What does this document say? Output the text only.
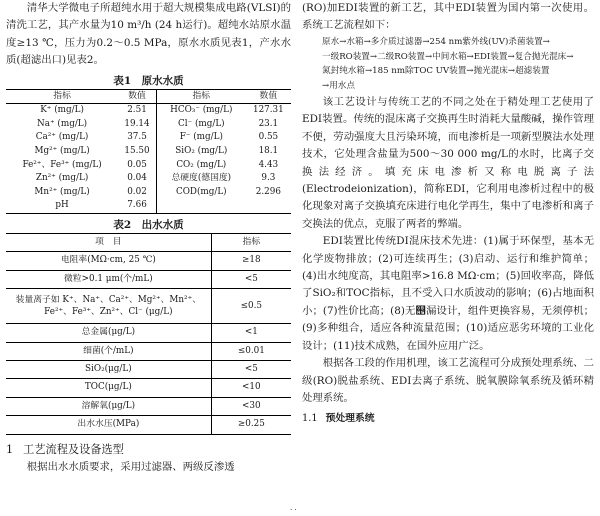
清华大学微电子所超纯水用于超大规模集成电路(VLSI)的清洗工艺，其产水量为10 m³/h (24 h运行)。超纯水站原水温度≥13 ℃，压力为0.2～0.5 MPa，原水水质见表1，产水水质(超滤出口)见表2。

表1　原水水质
指标	数值	指标	数值
K⁺ (mg/L)	2.51	HCO₃⁻ (mg/L)	127.31
Na⁺ (mg/L)	19.14	Cl⁻ (mg/L)	23.1
Ca²⁺ (mg/L)	37.5	F⁻ (mg/L)	0.55
Mg²⁺ (mg/L)	15.50	SiO₂ (mg/L)	18.1
Fe²⁺、Fe³⁺ (mg/L)	0.05	CO₂ (mg/L)	4.43
Zn²⁺ (mg/L)	0.04	总硬度(德国度)	9.3
Mn²⁺ (mg/L)	0.02	COD(mg/L)	2.296
pH	7.66		
表2　出水水质
项　目	指标
电阻率(MΩ·cm, 25 ℃)	≥18
微粒>0.1 μm(个/mL)	<5
装量离子如 K⁺、Na⁺、Ca²⁺、Mg²⁺、Mn²⁺、Fe²⁺、Fe³⁺、Zn²⁺、Cl⁻ (μg/L)	≤0.5
总金属(μg/L)	<1
细菌(个/mL)	≤0.01
SiO₂(μg/L)	<5
TOC(μg/L)	<10
溶解氧(μg/L)	<30
出水水压(MPa)	≥0.25
1 工艺流程及设备选型

根据出水水质要求，采用过滤器、两级反渗透

(RO)加EDI装置的新工艺，其中EDI装置为国内第一次使用。系统工艺流程如下：

原水→水箱→多介质过滤器→254 nm紫外线(UV)杀菌装置→
一级RO装置→二级RO装置→中间水箱→EDI装置→复合抛光混床→
氮封纯水箱→185 nm除TOC UV装置→抛光混床→超滤装置
→用水点

该工艺设计与传统工艺的不同之处在于精处理工艺使用了EDI装置。传统的混床离子交换再生时消耗大量酸碱，操作管理不便，劳动强度大且污染环境，而电渗析是一项新型膜法水处理技术，它处理含盐量为500～30 000 mg/L的水时，比离子交换法经济。填充床电渗析又称电脱离子法(Electrodeionization)，简称EDI，它利用电渗析过程中的极化现象对离子交换填充床进行电化学再生，集中了电渗析和离子交换法的优点，克服了两者的弊端。

EDI装置比传统DI混床技术先进：(1)属于环保型，基本无化学废物排放；(2)可连续再生；(3)启动、运行和维护简单；(4)出水纯度高，其电阻率>16.8 MΩ·cm；(5)回收率高，降低了SiO₂和TOC指标，且不受入口水质波动的影响；(6)占地面积小；(7)性价比高；(8)无஥漏设计，组件更换容易，无须停机；(9)多种组合，适应各种流量范围；(10)适应恶劣环境的工业化设计；(11)技术成熟，在国外应用广泛。

根据各工段的作用机理，该工艺流程可分成预处理系统、二级(RO)脱盐系统、EDI去离子系统、脱氧膜除氧系统及循环精处理系统。

1.1 预处理系统
· ·
